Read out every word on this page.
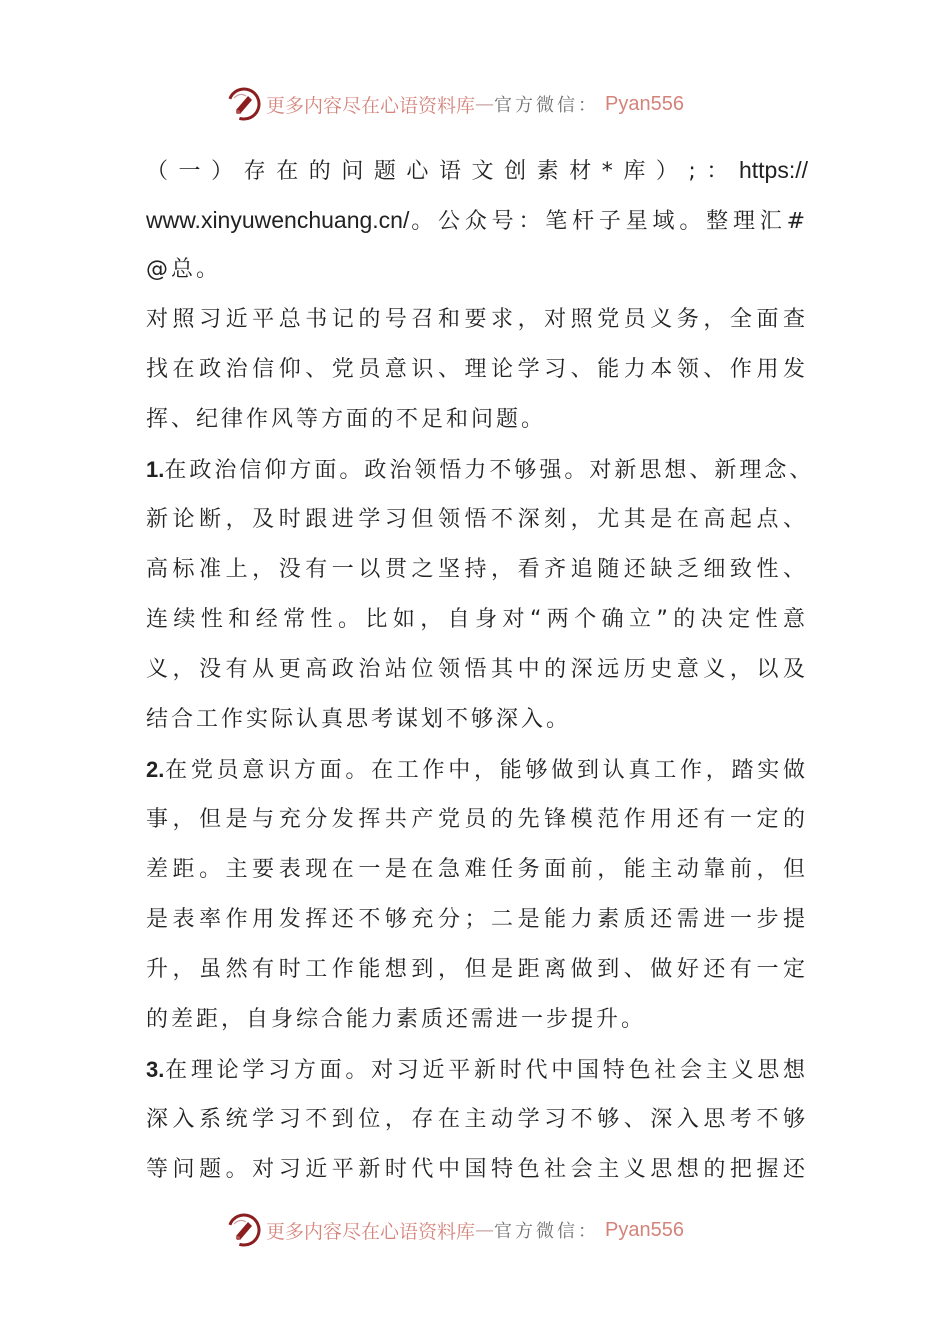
更多内容尽在心语资料库 — 官方微信： Pyan556
（一）存在的问题心语文创素材*库）;：https://
www.xinyuwenchuang.cn/。公众号：笔杆子星域。整理汇#
@总。
对照习近平总书记的号召和要求，对照党员义务，全面查
找在政治信仰、党员意识、理论学习、能力本领、作用发
挥、纪律作风等方面的不足和问题。
1.在政治信仰方面。政治领悟力不够强。对新思想、新理念、
新论断，及时跟进学习但领悟不深刻，尤其是在高起点、
高标准上，没有一以贯之坚持，看齐追随还缺乏细致性、
连续性和经常性。比如，自身对“两个确立”的决定性意
义，没有从更高政治站位领悟其中的深远历史意义，以及
结合工作实际认真思考谋划不够深入。
2.在党员意识方面。在工作中，能够做到认真工作，踏实做
事，但是与充分发挥共产党员的先锋模范作用还有一定的
差距。主要表现在一是在急难任务面前，能主动靠前，但
是表率作用发挥还不够充分；二是能力素质还需进一步提
升，虽然有时工作能想到，但是距离做到、做好还有一定
的差距，自身综合能力素质还需进一步提升。
3.在理论学习方面。对习近平新时代中国特色社会主义思想
深入系统学习不到位，存在主动学习不够、深入思考不够
等问题。对习近平新时代中国特色社会主义思想的把握还
更多内容尽在心语资料库 — 官方微信： Pyan556
